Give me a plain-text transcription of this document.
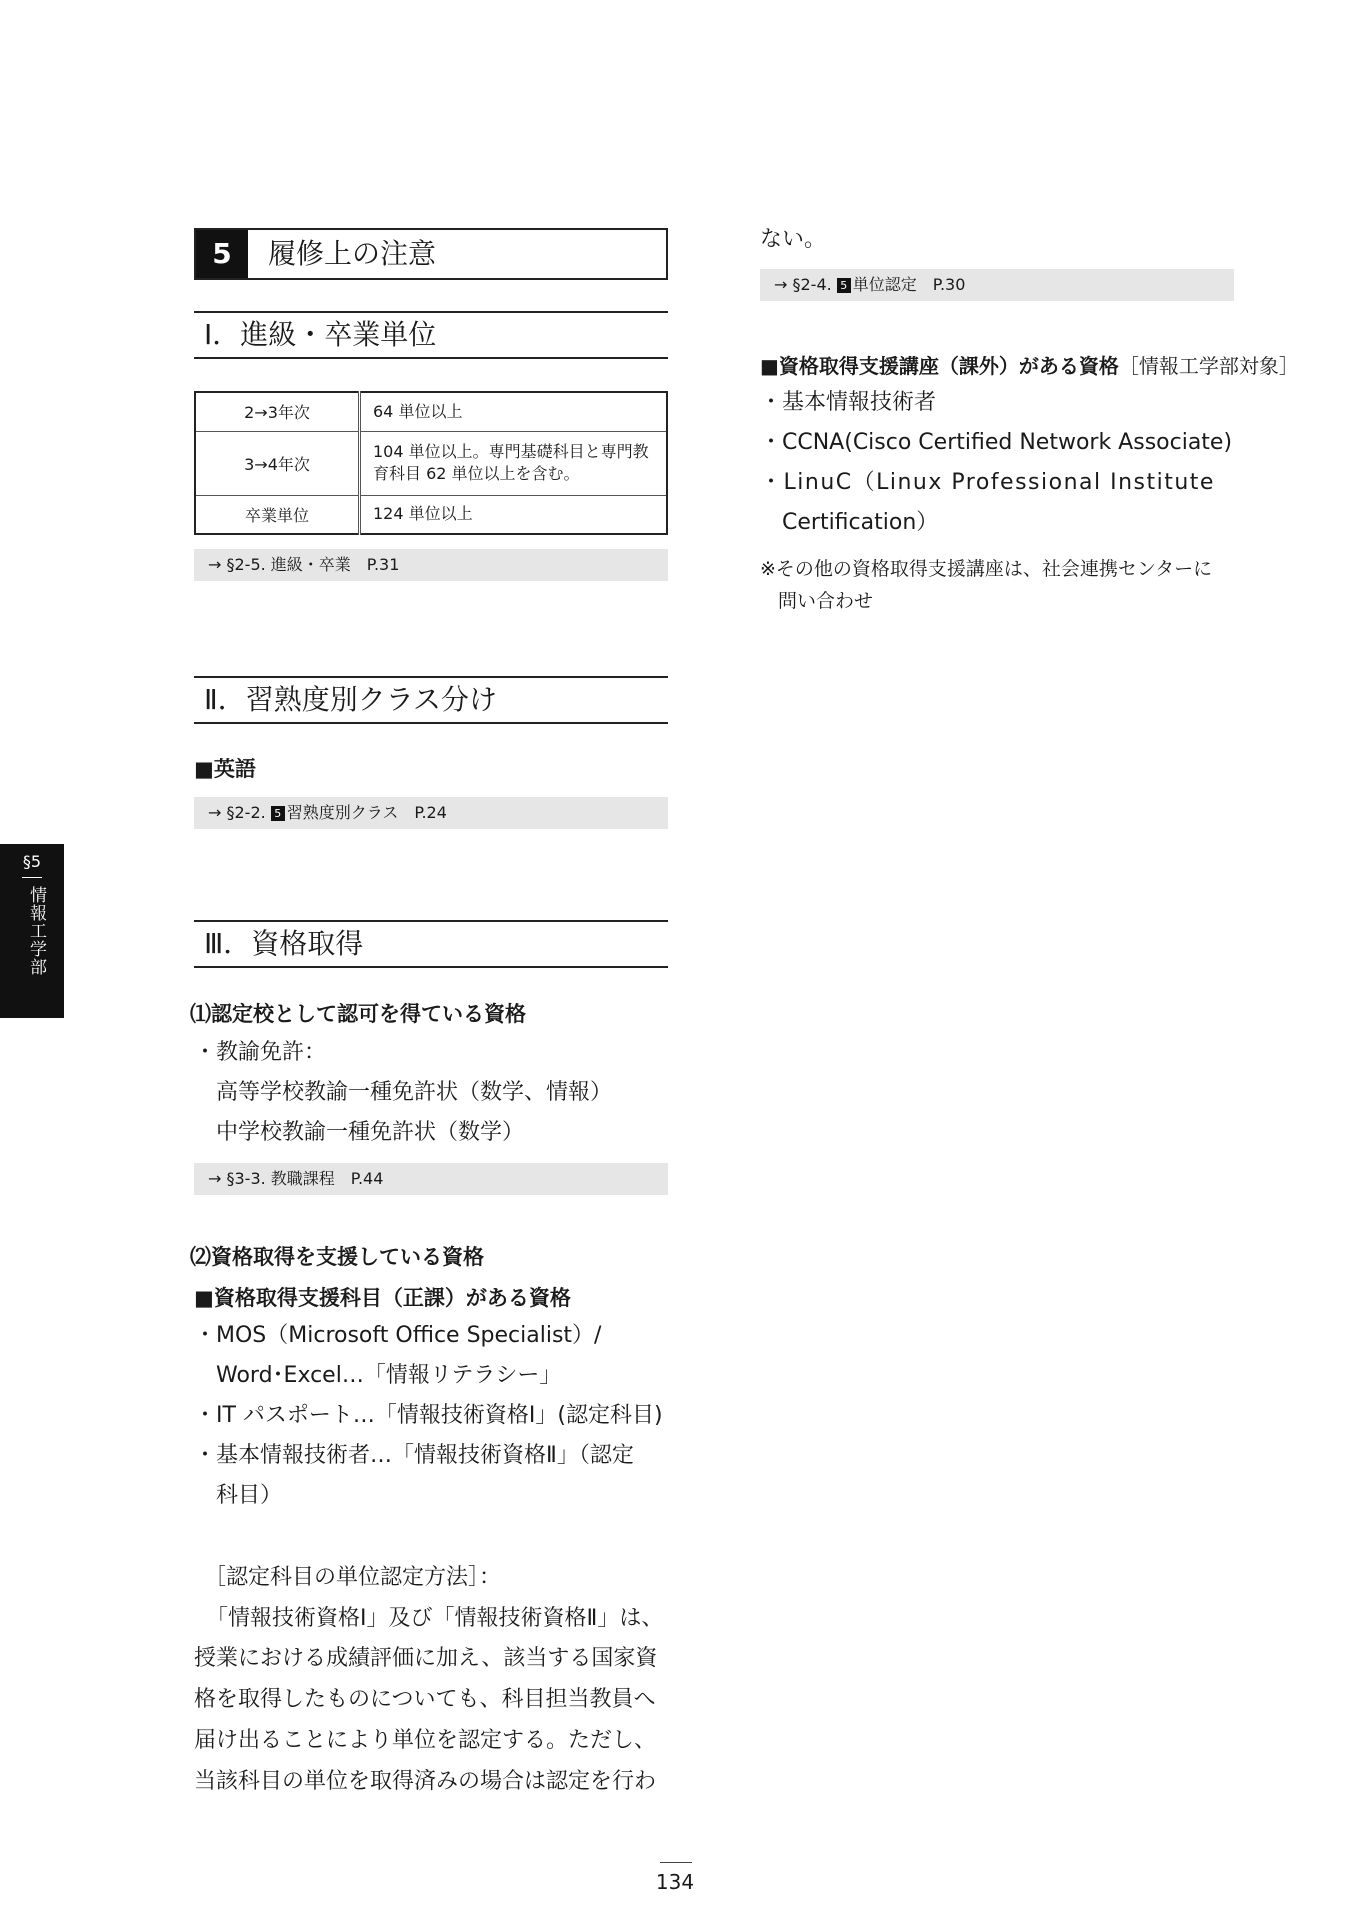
5	履修上の注意
Ⅰ．進級・卒業単位
2→3年次	64 単位以上
3→4年次	104 単位以上。専門基礎科目と専門教
育科目 62 単位以上を含む。

卒業単位	124 単位以上
→ §2-5. 進級・卒業　P.31
Ⅱ．習熟度別クラス分け
■英語
→ §2-2. 5 習熟度別クラス　P.24
Ⅲ．資格取得
⑴認定校として認可を得ている資格
・教諭免許：
高等学校教諭一種免許状（数学、情報）
中学校教諭一種免許状（数学）
→ §3-3. 教職課程　P.44
⑵資格取得を支援している資格
■資格取得支援科目（正課）がある資格
・MOS（Microsoft Office Specialist）/
Word･Excel…「情報リテラシー」
・IT パスポート…「情報技術資格Ⅰ」(認定科目)
・基本情報技術者…「情報技術資格Ⅱ」（認定
科目）
［認定科目の単位認定方法］：
「情報技術資格Ⅰ」及び「情報技術資格Ⅱ」は、
授業における成績評価に加え、該当する国家資
格を取得したものについても、科目担当教員へ
届け出ることにより単位を認定する。ただし、
当該科目の単位を取得済みの場合は認定を行わ
ない。
→ §2-4. 5 単位認定　P.30
■資格取得支援講座（課外）がある資格［情報工学部対象］
・基本情報技術者
・CCNA(Cisco Certified Network Associate)
・LinuC（Linux Professional Institute
Certification）
※その他の資格取得支援講座は、社会連携センターに
問い合わせ
§5
情報工学部
134
